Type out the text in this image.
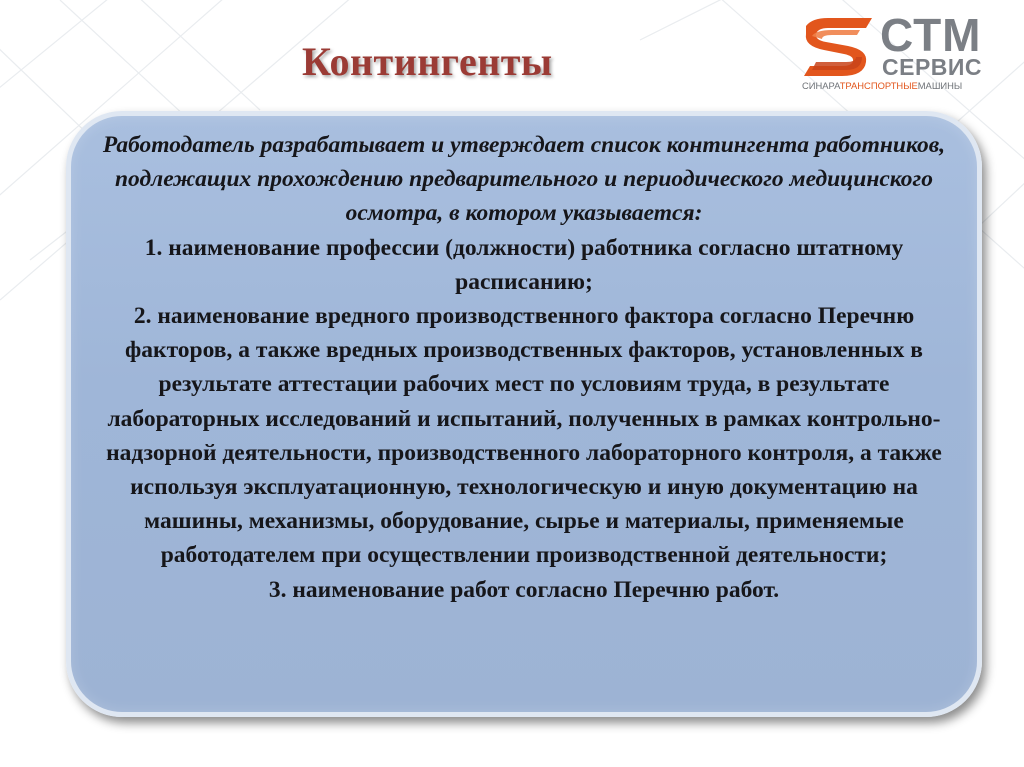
Контингенты
СТМ
СЕРВИС
СИНАРАТРАНСПОРТНЫЕМАШИНЫ

Работодатель разрабатывает и утверждает список контингента работников, подлежащих прохождению предварительного и периодического медицинского осмотра, в котором указывается:

1. наименование профессии (должности) работника согласно штатному расписанию;

2. наименование вредного производственного фактора согласно Перечню факторов, а также вредных производственных факторов, установленных в результате аттестации рабочих мест по условиям труда, в результате лабораторных исследований и испытаний, полученных в рамках контрольно-надзорной деятельности, производственного лабораторного контроля, а также используя эксплуатационную, технологическую и иную документацию на машины, механизмы, оборудование, сырье и материалы, применяемые работодателем при осуществлении производственной деятельности;

3. наименование работ согласно Перечню работ.
